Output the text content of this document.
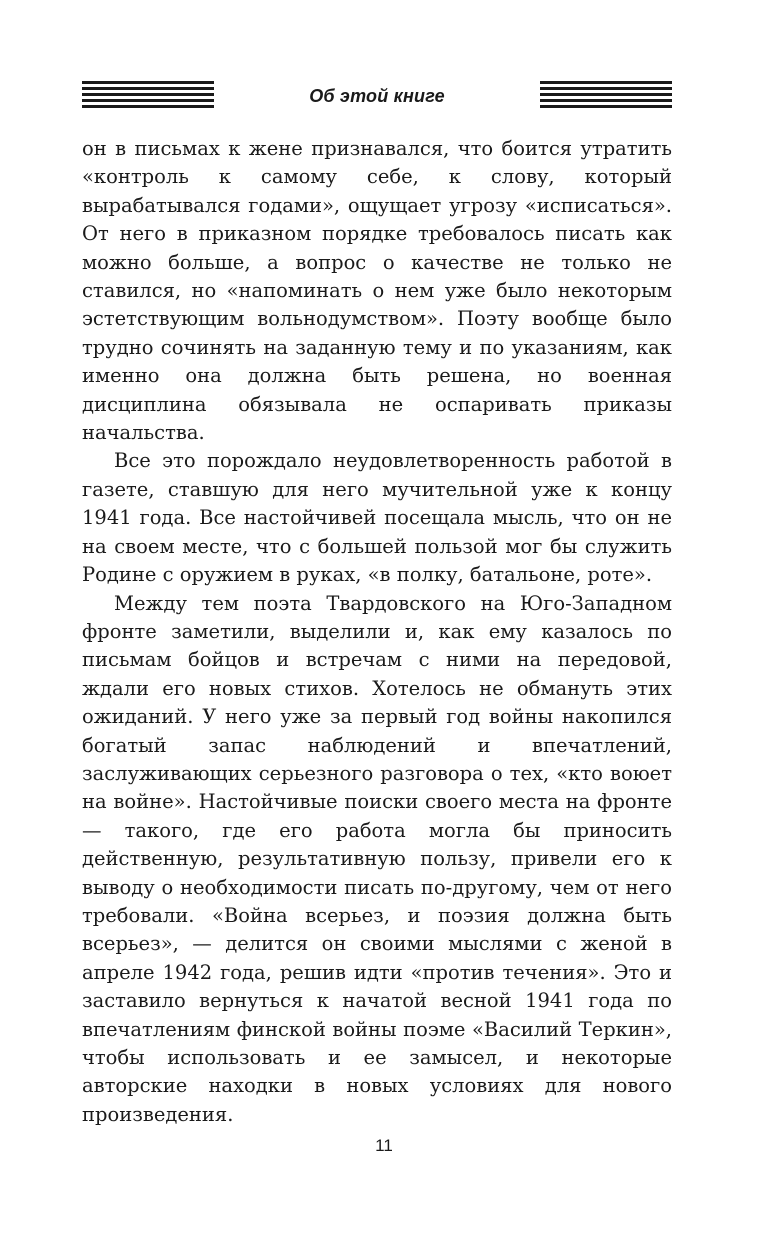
Об этой книге

он в письмах к жене признавался, что боится утратить «контроль к самому себе, к слову, который вырабатывался годами», ощущает угрозу «исписаться». От него в приказном порядке требовалось писать как можно больше, а вопрос о качестве не только не ставился, но «напоминать о нем уже было некоторым эстетствующим вольнодумством». Поэту вообще было трудно сочинять на заданную тему и по указаниям, как именно она должна быть решена, но военная дисциплина обязывала не оспаривать приказы начальства.

Все это порождало неудовлетворенность работой в газете, ставшую для него мучительной уже к концу 1941 года. Все настойчивей посещала мысль, что он не на своем месте, что с большей пользой мог бы служить Родине с оружием в руках, «в полку, батальоне, роте».

Между тем поэта Твардовского на Юго-Западном фронте заметили, выделили и, как ему казалось по письмам бойцов и встречам с ними на передовой, ждали его новых стихов. Хотелось не обмануть этих ожиданий. У него уже за первый год войны накопился богатый запас наблюдений и впечатлений, заслуживающих серьезного разговора о тех, «кто воюет на войне». Настойчивые поиски своего места на фронте — такого, где его работа могла бы приносить действенную, результативную пользу, привели его к выводу о необходимости писать по-другому, чем от него требовали. «Война всерьез, и поэзия должна быть всерьез», — делится он своими мыслями с женой в апреле 1942 года, решив идти «против течения». Это и заставило вернуться к начатой весной 1941 года по впечатлениям финской войны поэме «Василий Теркин», чтобы использовать и ее замысел, и некоторые авторские находки в новых условиях для нового произведения.

11
